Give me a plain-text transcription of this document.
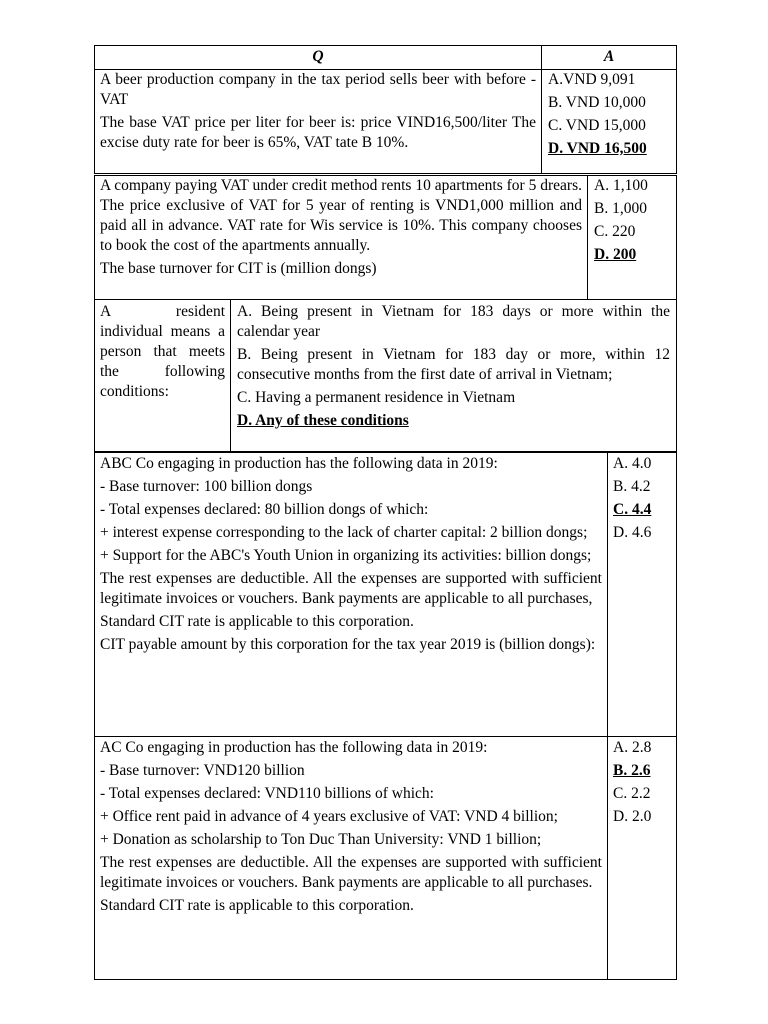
Q	A

A beer production company in the tax period sells beer with before - VAT

The base VAT price per liter for beer is: price VIND16,500/liter The excise duty rate for beer is 65%, VAT tate B 10%.

A.VND 9,091
B. VND 10,000
C. VND 15,000
D. VND 16,500

A company paying VAT under credit method rents 10 apartments for 5 drears. The price exclusive of VAT for 5 year of renting is VND1,000 million and paid all in advance. VAT rate for Wis service is 10%. This company chooses to book the cost of the apartments annually.

The base turnover for CIT is (million dongs)

A. 1,100
B. 1,000
C. 220
D. 200
A resident individual means a person that meets the following conditions:

A. Being present in Vietnam for 183 days or more within the calendar year

B. Being present in Vietnam for 183 day or more, within 12 consecutive months from the first date of arrival in Vietnam;

C. Having a permanent residence in Vietnam

D. Any of these conditions

ABC Co engaging in production has the following data in 2019:

- Base turnover: 100 billion dongs

- Total expenses declared: 80 billion dongs of which:

+ interest expense corresponding to the lack of charter capital: 2 billion dongs;

+ Support for the ABC's Youth Union in organizing its activities: billion dongs;

The rest expenses are deductible. All the expenses are supported with sufficient legitimate invoices or vouchers. Bank payments are applicable to all purchases,

Standard CIT rate is applicable to this corporation.

CIT payable amount by this corporation for the tax year 2019 is (billion dongs):

A. 4.0
B. 4.2
C. 4.4
D. 4.6

AC Co engaging in production has the following data in 2019:

- Base turnover: VND120 billion

- Total expenses declared: VND110 billions of which:

+ Office rent paid in advance of 4 years exclusive of VAT: VND 4 billion;

+ Donation as scholarship to Ton Duc Than University: VND 1 billion;

The rest expenses are deductible. All the expenses are supported with sufficient legitimate invoices or vouchers. Bank payments are applicable to all purchases.

Standard CIT rate is applicable to this corporation.

A. 2.8
B. 2.6
C. 2.2
D. 2.0
